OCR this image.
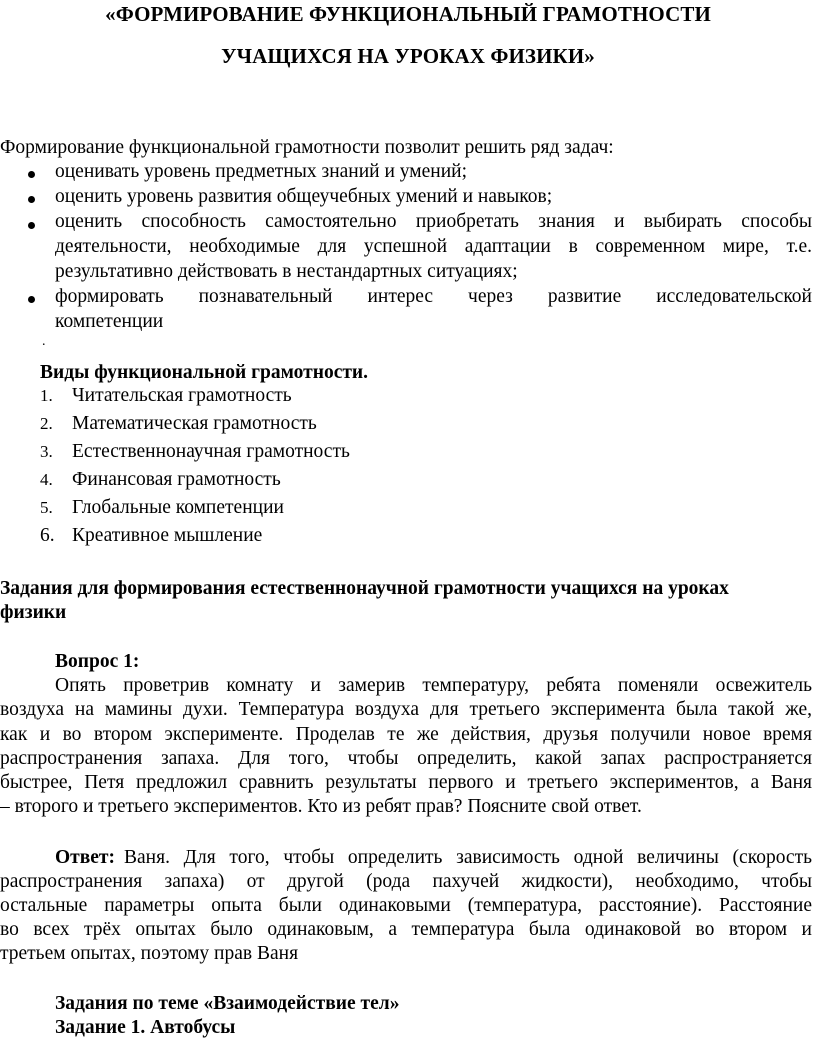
«ФОРМИРОВАНИЕ ФУНКЦИОНАЛЬНЫЙ ГРАМОТНОСТИ
УЧАЩИХСЯ НА УРОКАХ ФИЗИКИ»
Формирование функциональной грамотности позволит решить ряд задач:
оценивать уровень предметных знаний и умений;
оценить уровень развития общеучебных умений и навыков;
оценить способность самостоятельно приобретать знания и выбирать способы
деятельности, необходимые для успешной адаптации в современном мире, т.е.
результативно действовать в нестандартных ситуациях;
формировать познавательный интерес через развитие исследовательской
компетенции
.
Виды функциональной грамотности.
1. Читательская грамотность
2. Математическая грамотность
3. Естественнонаучная грамотность
4. Финансовая грамотность
5. Глобальные компетенции
6. Креативное мышление
Задания для формирования естественнонаучной грамотности учащихся на уроках
физики
Вопрос 1:
Опять проветрив комнату и замерив температуру, ребята поменяли освежитель
воздуха на мамины духи. Температура воздуха для третьего эксперимента была такой же,
как и во втором эксперименте. Проделав те же действия, друзья получили новое время
распространения запаха. Для того, чтобы определить, какой запах распространяется
быстрее, Петя предложил сравнить результаты первого и третьего экспериментов, а Ваня
– второго и третьего экспериментов. Кто из ребят прав? Поясните свой ответ.
Ответ: Ваня. Для того, чтобы определить зависимость одной величины (скорость
распространения запаха) от другой (рода пахучей жидкости), необходимо, чтобы
остальные параметры опыта были одинаковыми (температура, расстояние). Расстояние
во всех трёх опытах было одинаковым, а температура была одинаковой во втором и
третьем опытах, поэтому прав Ваня
Задания по теме «Взаимодействие тел»
Задание 1. Автобусы
